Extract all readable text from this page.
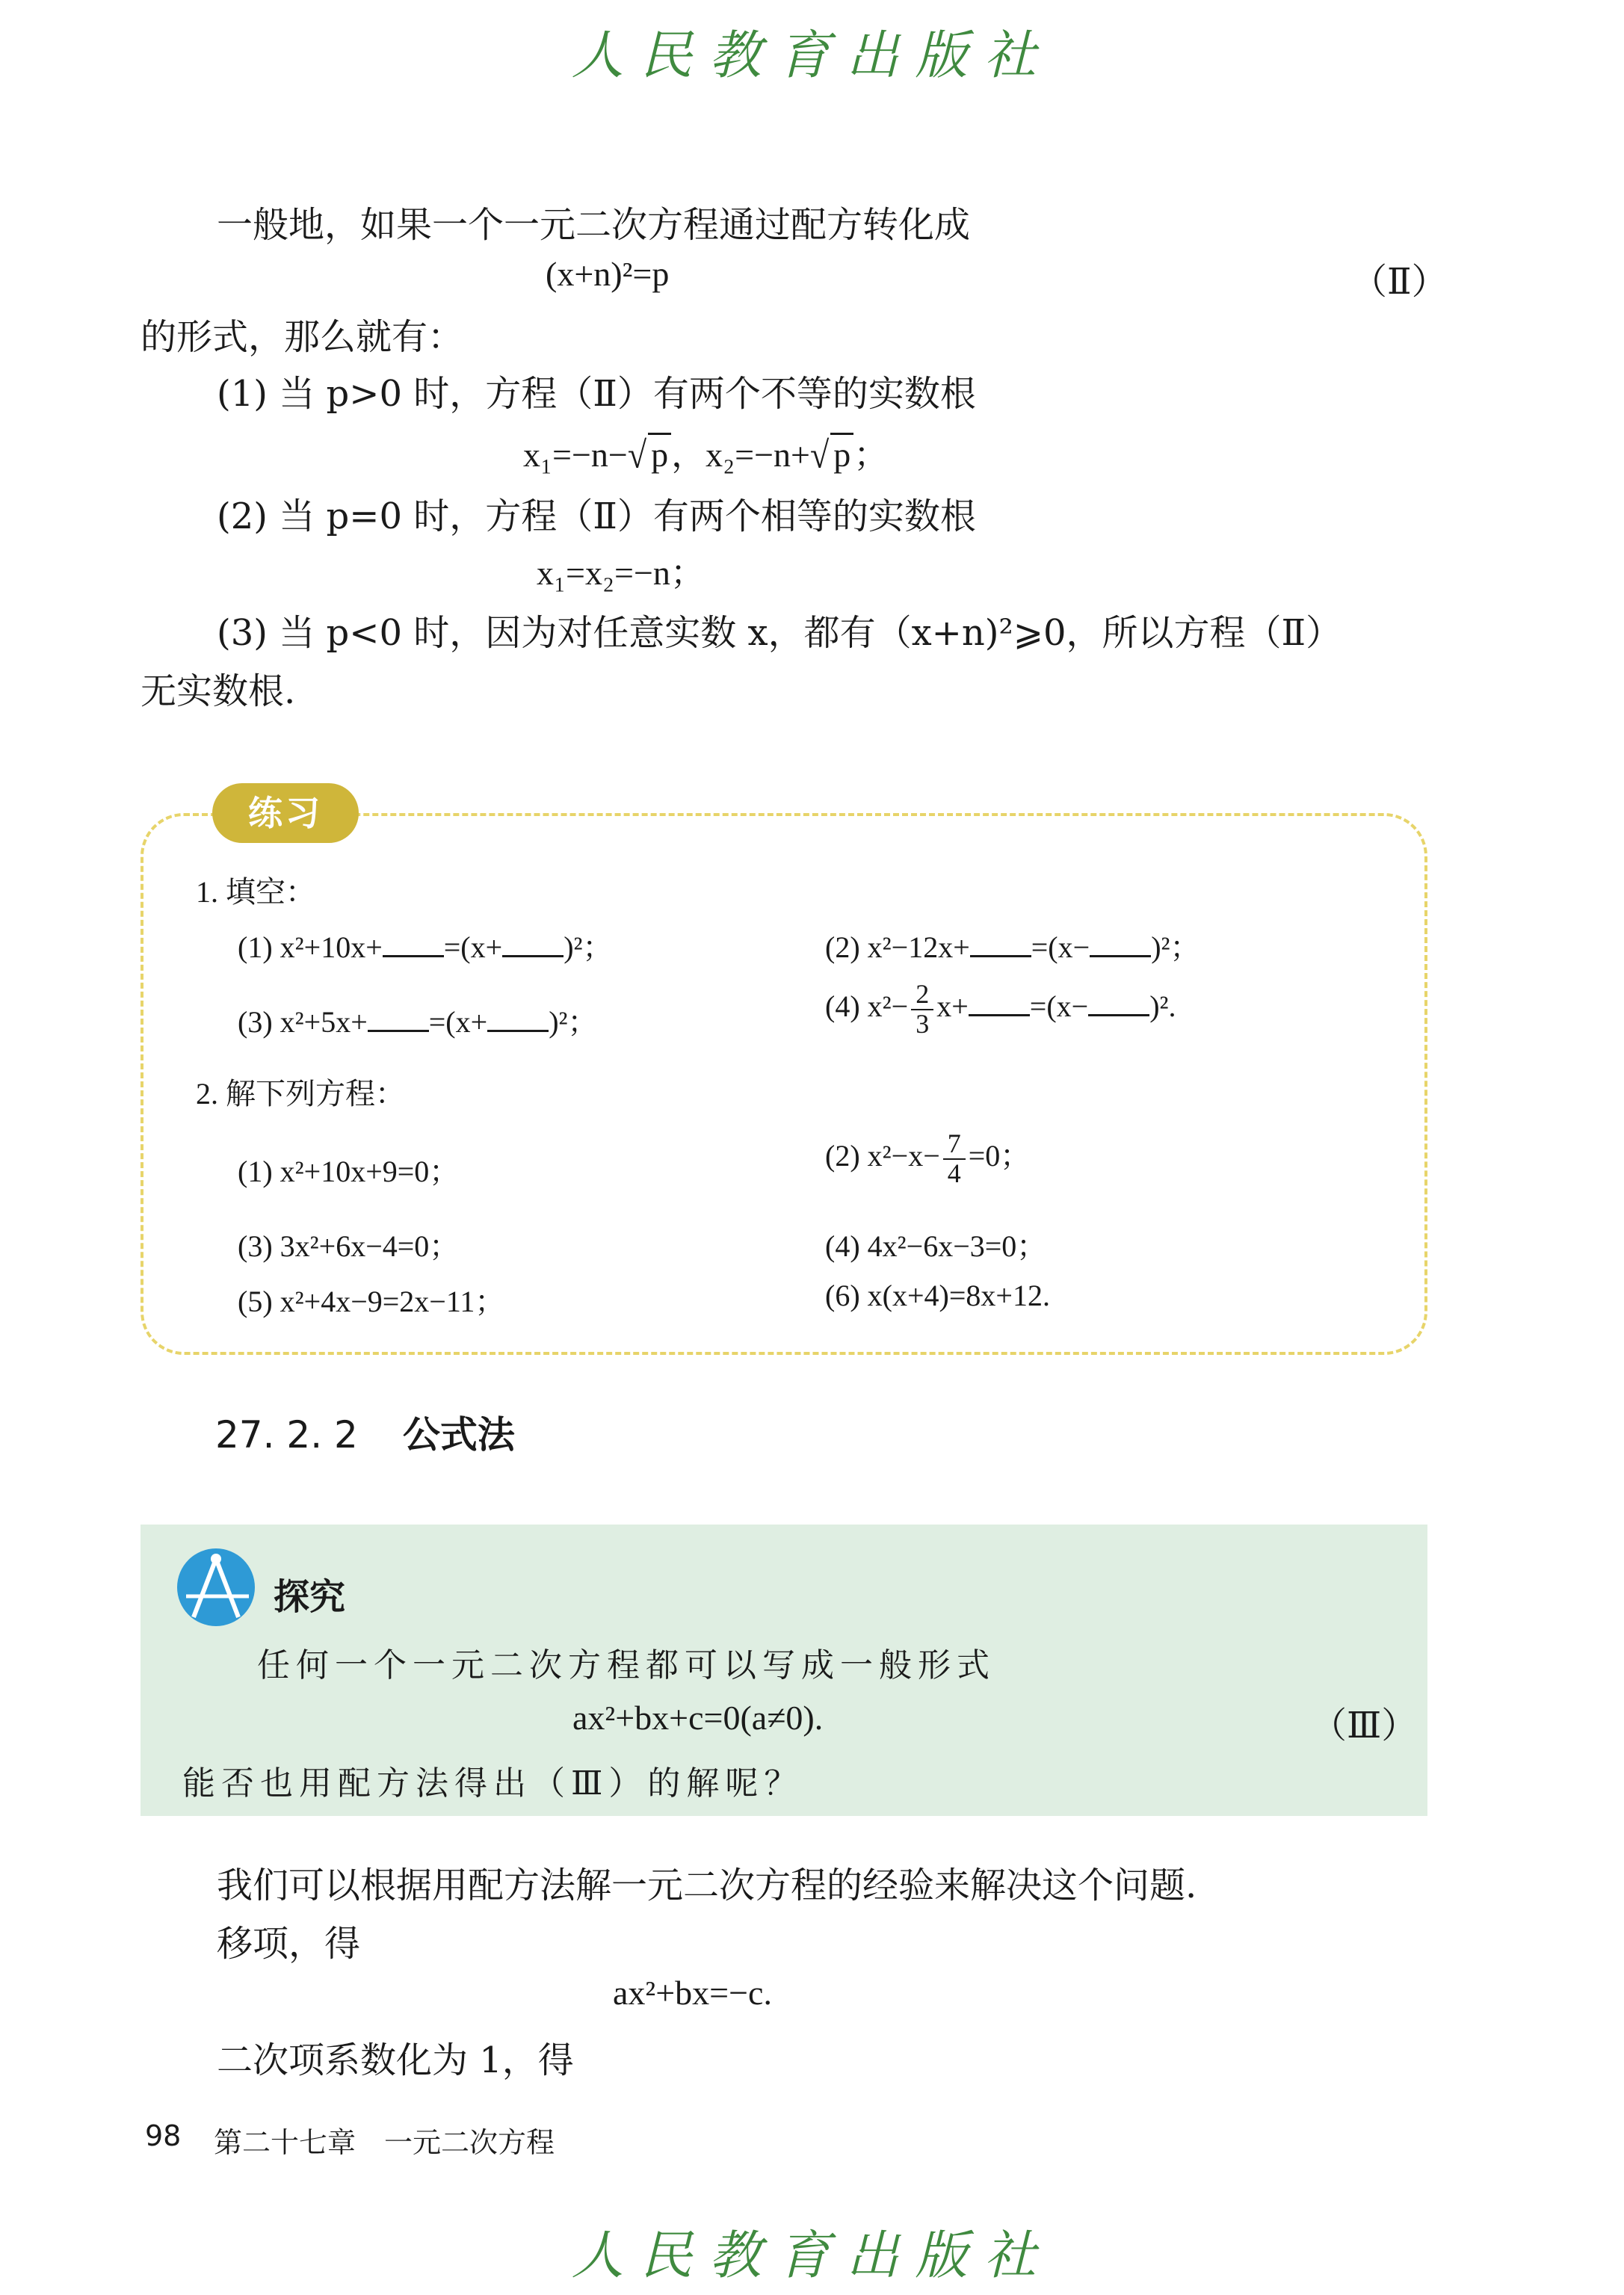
人民教育出版社
一般地，如果一个一元二次方程通过配方转化成
(x+n)²=p	（Ⅱ）
的形式，那么就有：
(1) 当 p>0 时，方程（Ⅱ）有两个不等的实数根
x₁=−n−√ p，x₂=−n+√ p；
(2) 当 p=0 时，方程（Ⅱ）有两个相等的实数根
x₁=x₂=−n；
(3) 当 p<0 时，因为对任意实数 x，都有（x+n)²⩾0，所以方程（Ⅱ）
无实数根.
练习
1. 填空：
(1) x²+10x+ =(x+ )²；	(2) x²−12x+ =(x− )²；
(3) x²+5x+ =(x+ )²；	(4) $x^2- \frac{2}{3} x+ =(x- )^2$.
2. 解下列方程：
(1) x²+10x+9=0；	(2) $x^2-x- \frac{7}{4} =0$；
(3) 3x²+6x−4=0；	(4) 4x²−6x−3=0；
(5) x²+4x−9=2x−11；	(6) x(x+4)=8x+12.
27. 2. 2 公式法
探究
任何一个一元二次方程都可以写成一般形式
ax²+bx+c=0(a≠0).	（Ⅲ）
能否也用配方法得出（Ⅲ）的解呢？
我们可以根据用配方法解一元二次方程的经验来解决这个问题.
移项，得
ax²+bx=−c.
二次项系数化为 1，得
98 第二十七章　一元二次方程
人民教育出版社
